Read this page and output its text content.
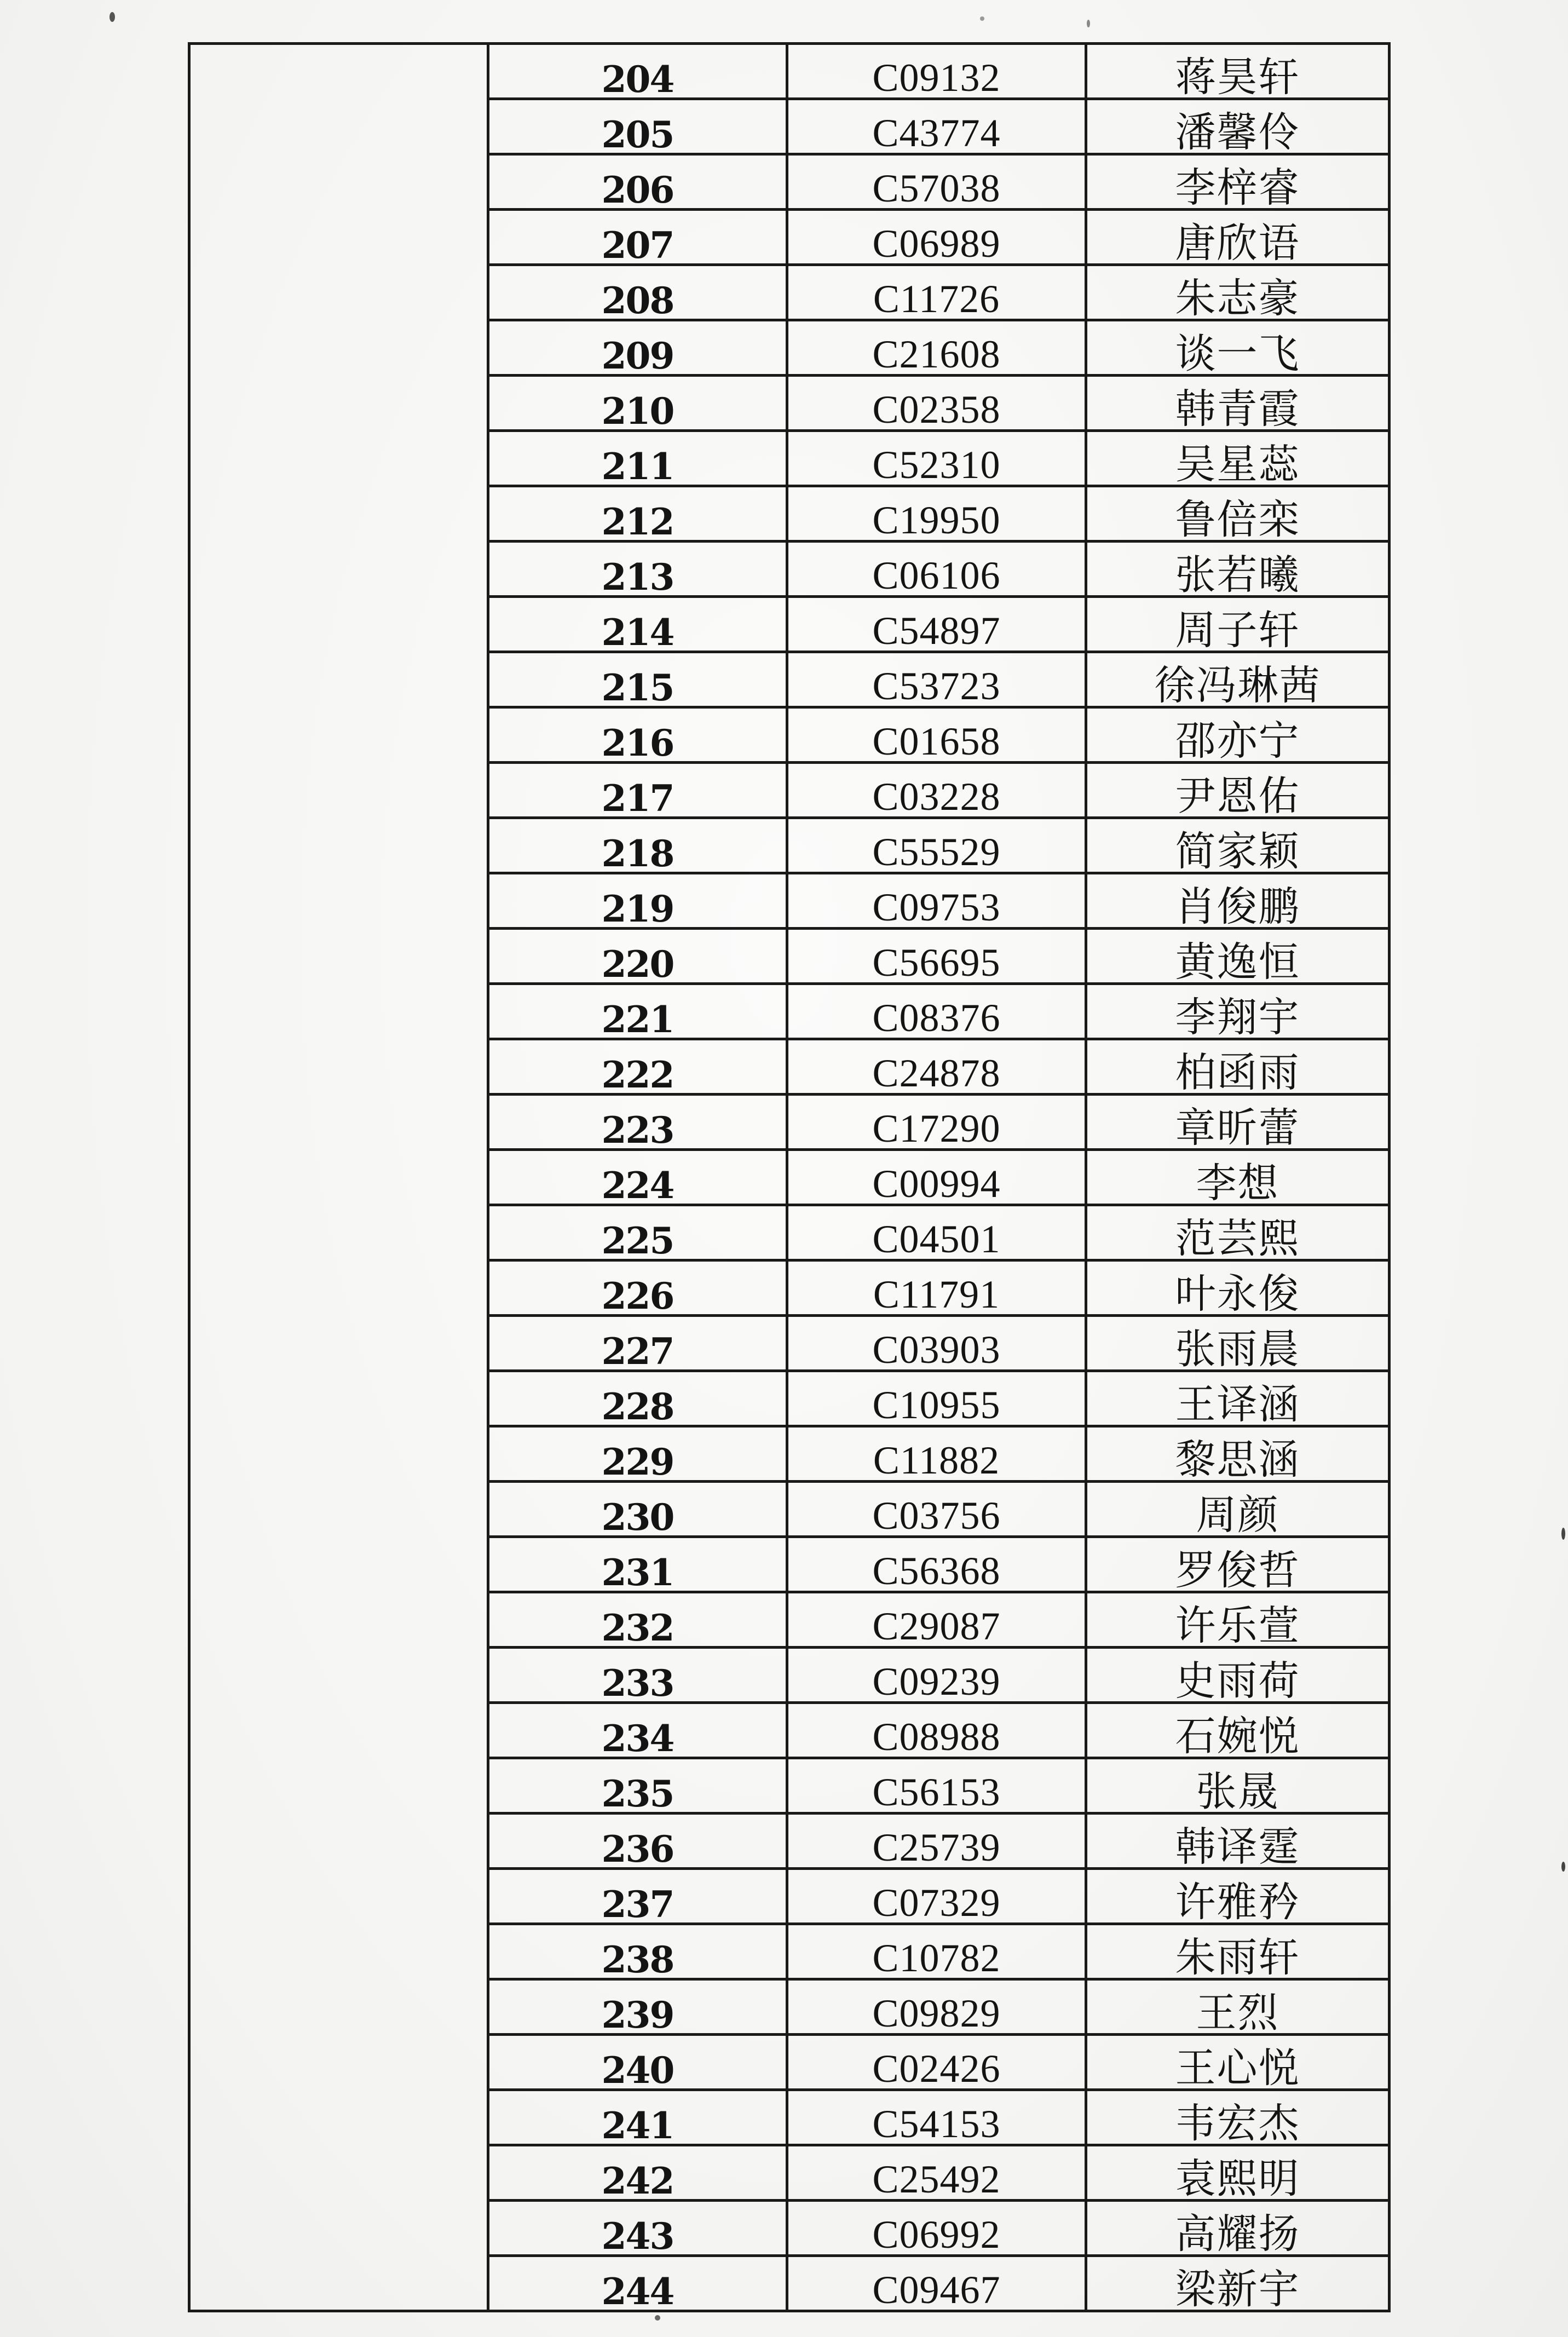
	204	C09132	蒋昊轩
	205	C43774	潘馨伶
	206	C57038	李梓睿
	207	C06989	唐欣语
	208	C11726	朱志豪
	209	C21608	谈一飞
	210	C02358	韩青霞
	211	C52310	吴星蕊
	212	C19950	鲁倍栾
	213	C06106	张若曦
	214	C54897	周子轩
	215	C53723	徐冯琳茜
	216	C01658	邵亦宁
	217	C03228	尹恩佑
	218	C55529	简家颖
	219	C09753	肖俊鹏
	220	C56695	黄逸恒
	221	C08376	李翔宇
	222	C24878	柏函雨
	223	C17290	章昕蕾
	224	C00994	李想
	225	C04501	范芸熙
	226	C11791	叶永俊
	227	C03903	张雨晨
	228	C10955	王译涵
	229	C11882	黎思涵
	230	C03756	周颜
	231	C56368	罗俊哲
	232	C29087	许乐萱
	233	C09239	史雨荷
	234	C08988	石婉悦
	235	C56153	张晟
	236	C25739	韩译霆
	237	C07329	许雅矜
	238	C10782	朱雨轩
	239	C09829	王烈
	240	C02426	王心悦
	241	C54153	韦宏杰
	242	C25492	袁熙明
	243	C06992	高耀扬
	244	C09467	梁新宇
